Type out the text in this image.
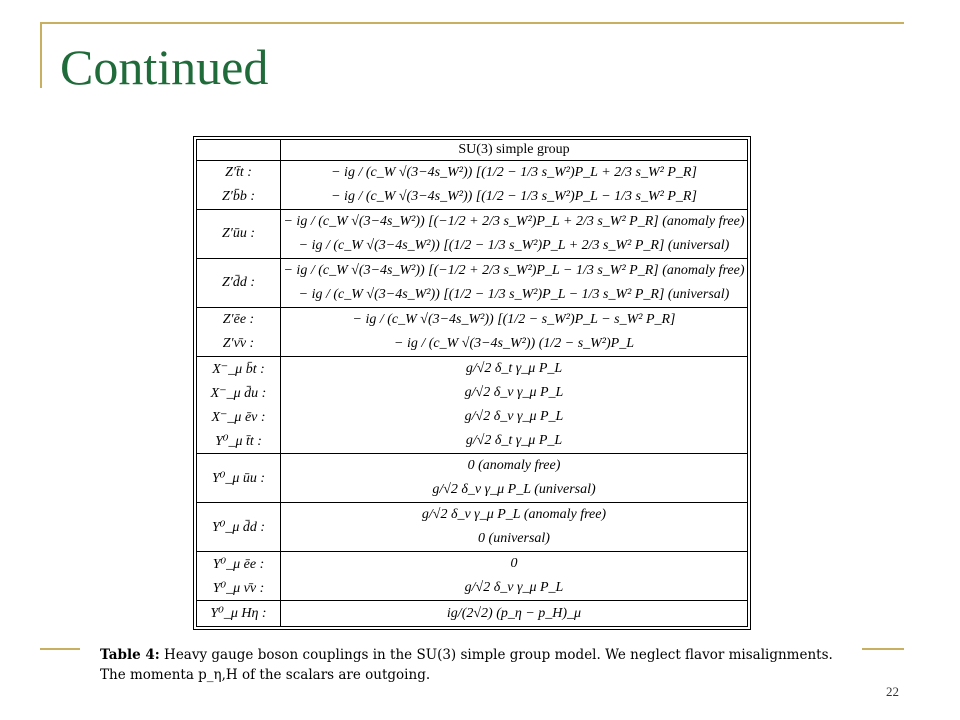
Continued
SU(3) simple group
Z′t̄t :
Z′b̄b :
− ig / (c_W √(3−4s_W²)) [(1/2 − 1/3 s_W²)P_L + 2/3 s_W² P_R]
− ig / (c_W √(3−4s_W²)) [(1/2 − 1/3 s_W²)P_L − 1/3 s_W² P_R]
Z′ūu :
− ig / (c_W √(3−4s_W²)) [(−1/2 + 2/3 s_W²)P_L + 2/3 s_W² P_R] (anomaly free)
− ig / (c_W √(3−4s_W²)) [(1/2 − 1/3 s_W²)P_L + 2/3 s_W² P_R] (universal)
Z′d̄d :
− ig / (c_W √(3−4s_W²)) [(−1/2 + 2/3 s_W²)P_L − 1/3 s_W² P_R] (anomaly free)
− ig / (c_W √(3−4s_W²)) [(1/2 − 1/3 s_W²)P_L − 1/3 s_W² P_R] (universal)
Z′ēe :
Z′ν̄ν :
− ig / (c_W √(3−4s_W²)) [(1/2 − s_W²)P_L − s_W² P_R]
− ig / (c_W √(3−4s_W²)) (1/2 − s_W²)P_L
X⁻_μ b̄t :
X⁻_μ d̄u :
X⁻_μ ēν :
Y⁰_μ t̄t :
g/√2 δ_t γ_μ P_L
g/√2 δ_ν γ_μ P_L
g/√2 δ_ν γ_μ P_L
g/√2 δ_t γ_μ P_L
Y⁰_μ ūu :
0 (anomaly free)
g/√2 δ_ν γ_μ P_L (universal)
Y⁰_μ d̄d :
g/√2 δ_ν γ_μ P_L (anomaly free)
0 (universal)
Y⁰_μ ēe :
Y⁰_μ ν̄ν :
0
g/√2 δ_ν γ_μ P_L
Y⁰_μ Hη :	ig/(2√2) (p_η − p_H)_μ
Table 4: Heavy gauge boson couplings in the SU(3) simple group model. We neglect flavor misalignments. The momenta p_η,H of the scalars are outgoing.
22
